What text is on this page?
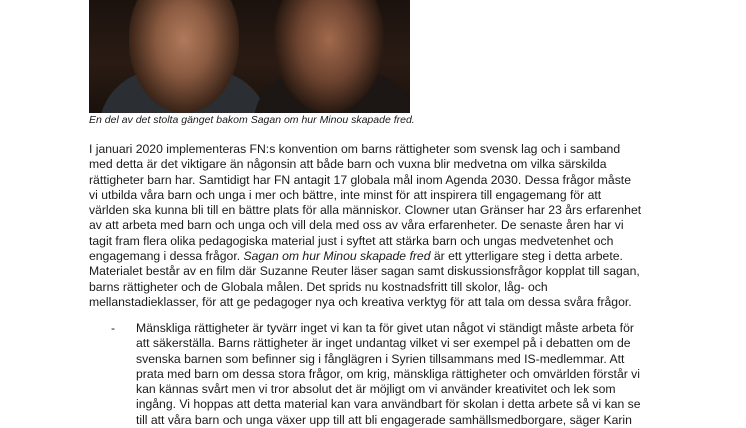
En del av det stolta gänget bakom Sagan om hur Minou skapade fred.

I januari 2020 implementeras FN:s konvention om barns rättigheter som svensk lag och i samband
med detta är det viktigare än någonsin att både barn och vuxna blir medvetna om vilka särskilda
rättigheter barn har. Samtidigt har FN antagit 17 globala mål inom Agenda 2030. Dessa frågor måste
vi utbilda våra barn och unga i mer och bättre, inte minst för att inspirera till engagemang för att
världen ska kunna bli till en bättre plats för alla människor. Clowner utan Gränser har 23 års erfarenhet
av att arbeta med barn och unga och vill dela med oss av våra erfarenheter. De senaste åren har vi
tagit fram flera olika pedagogiska material just i syftet att stärka barn och ungas medvetenhet och
engagemang i dessa frågor. Sagan om hur Minou skapade fred är ett ytterligare steg i detta arbete.
Materialet består av en film där Suzanne Reuter läser sagan samt diskussionsfrågor kopplat till sagan,
barns rättigheter och de Globala målen. Det sprids nu kostnadsfritt till skolor, låg- och
mellanstadieklasser, för att ge pedagoger nya och kreativa verktyg för att tala om dessa svåra frågor.

- Mänskliga rättigheter är tyvärr inget vi kan ta för givet utan något vi ständigt måste arbeta för
att säkerställa. Barns rättigheter är inget undantag vilket vi ser exempel på i debatten om de
svenska barnen som befinner sig i fånglägren i Syrien tillsammans med IS-medlemmar. Att
prata med barn om dessa stora frågor, om krig, mänskliga rättigheter och omvärlden förstår vi
kan kännas svårt men vi tror absolut det är möjligt om vi använder kreativitet och lek som
ingång. Vi hoppas att detta material kan vara användbart för skolan i detta arbete så vi kan se
till att våra barn och unga växer upp till att bli engagerade samhällsmedborgare, säger Karin
